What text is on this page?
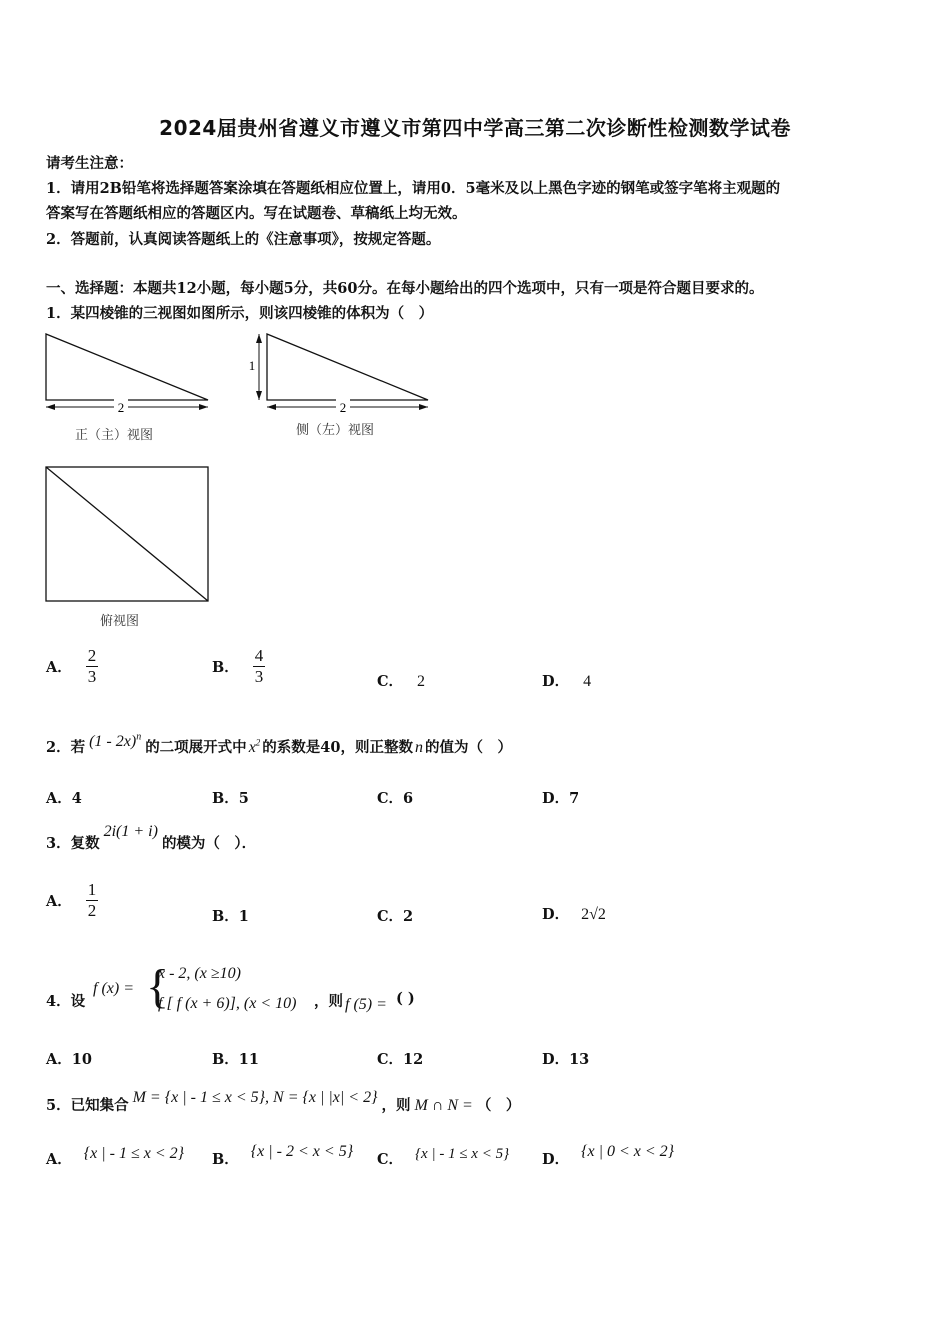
2024届贵州省遵义市遵义市第四中学高三第二次诊断性检测数学试卷
请考生注意：
1．请用2B铅笔将选择题答案涂填在答题纸相应位置上，请用0．5毫米及以上黑色字迹的钢笔或签字笔将主观题的
答案写在答题纸相应的答题区内。写在试题卷、草稿纸上均无效。
2．答题前，认真阅读答题纸上的《注意事项》，按规定答题。
一、选择题：本题共12小题，每小题5分，共60分。在每小题给出的四个选项中，只有一项是符合题目要求的。
1．某四棱锥的三视图如图所示，则该四棱锥的体积为（　）
2
1
2
正（主）视图	侧（左）视图
俯视图
A． $\frac{2}{3}$	B． $\frac{4}{3}$	C． 2	D． 4
2．若 (1 - 2x)$^n$的二项展开式中 $x^2$ 的系数是40，则正整数 n 的值为（　）
A．4	B．5	C．6	D．7
3．复数2i(1 + i)的模为（　）．
A． $\frac{1}{2}$	B．1	C．2	D． 2√2
4．设
f (x) = {
x - 2, (x ≥10)
f [ f (x + 6)], (x < 10) ，则 f (5) = ( )
A．10	B．11	C．12	D．13
5．已知集合 M = {x | - 1 ≤ x < 5}, N = {x | |x| < 2} ，则 M ∩ N = （　）
A． {x | - 1 ≤ x < 2} B． {x | - 2 < x < 5} C． {x | - 1 ≤ x < 5} D． {x | 0 < x < 2}
